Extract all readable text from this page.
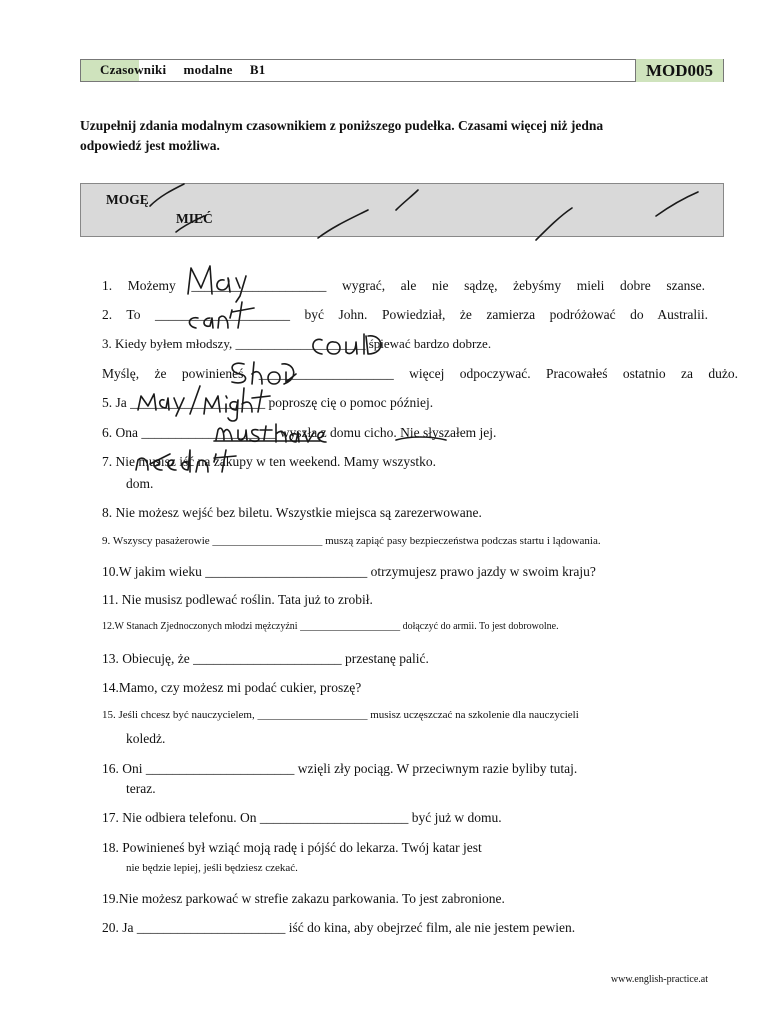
Czasowniki     modalne     B1	MOD005
Uzupełnij zdania modalnym czasownikiem z poniższego pudełka. Czasami więcej niż jedna odpowiedź jest możliwa.
MOGĘ
MIEĆ
1. Możemy ____________________ wygrać, ale nie sądzę, żebyśmy mieli dobre szanse.
2. To ____________________ być John. Powiedział, że zamierza podróżować do Australii.
3. Kiedy byłem młodszy, ____________________ śpiewać bardzo dobrze.
Myślę, że powinieneś ____________________ więcej odpoczywać. Pracowałeś ostatnio za dużo.
5. Ja ____________________ poproszę cię o pomoc później.
6. Ona ____________________ wyszła z domu cicho. Nie słyszałem jej.
7. Nie musisz iść na zakupy w ten weekend. Mamy wszystko.
dom.
8. Nie możesz wejść bez biletu. Wszystkie miejsca są zarezerwowane.
9. Wszyscy pasażerowie ____________________ muszą zapiąć pasy bezpieczeństwa podczas startu i lądowania.
10.W jakim wieku ________________________ otrzymujesz prawo jazdy w swoim kraju?
11. Nie musisz podlewać roślin. Tata już to zrobił.
12.W Stanach Zjednoczonych młodzi mężczyźni ____________________ dołączyć do armii. To jest dobrowolne.
13. Obiecuję, że ______________________ przestanę palić.
14.Mamo, czy możesz mi podać cukier, proszę?
15. Jeśli chcesz być nauczycielem, ____________________ musisz uczęszczać na szkolenie dla nauczycieli
koledż.
16. Oni ______________________ wzięli zły pociąg. W przeciwnym razie byliby tutaj.
teraz.
17. Nie odbiera telefonu. On ______________________ być już w domu.
18. Powinieneś był wziąć moją radę i pójść do lekarza. Twój katar jest
nie będzie lepiej, jeśli będziesz czekać.
19.Nie możesz parkować w strefie zakazu parkowania. To jest zabronione.
20. Ja ______________________ iść do kina, aby obejrzeć film, ale nie jestem pewien.
www.english-practice.at
